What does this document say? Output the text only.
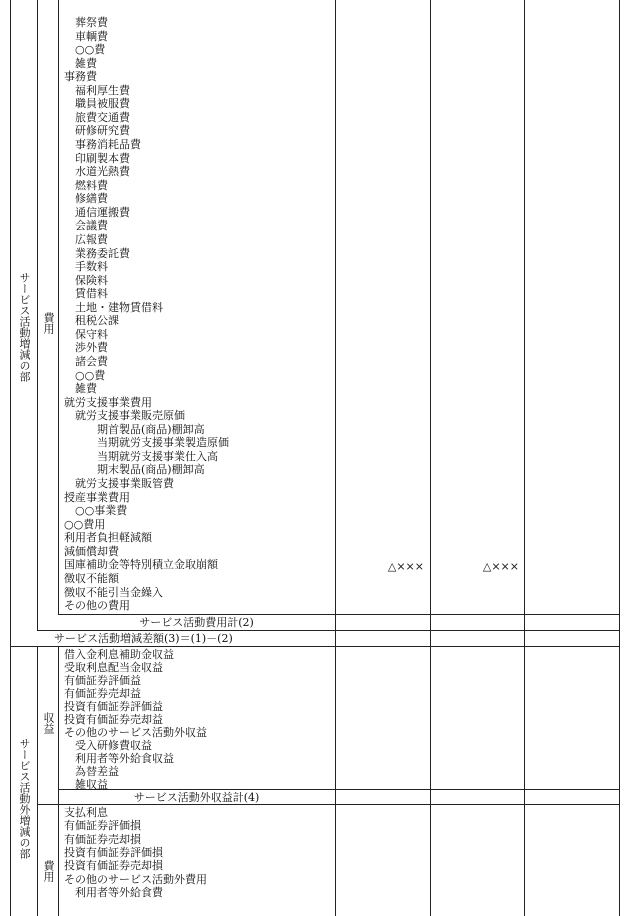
サービス活動増減の部 費用
サービス活動外増減の部
収益
費用
葬祭費
車輌費
○○費
雑費
事務費
福利厚生費
職員被服費
旅費交通費
研修研究費
事務消耗品費
印刷製本費
水道光熱費
燃料費
修繕費
通信運搬費
会議費
広報費
業務委託費
手数料
保険料
賃借料
土地・建物賃借料
租税公課
保守料
渉外費
諸会費
○○費
雑費
就労支援事業費用
就労支援事業販売原価
期首製品(商品)棚卸高
当期就労支援事業製造原価
当期就労支援事業仕入高
期末製品(商品)棚卸高
就労支援事業販管費
授産事業費用
○○事業費
○○費用
利用者負担軽減額
減価償却費
国庫補助金等特別積立金取崩額
徴収不能額
徴収不能引当金繰入
その他の費用
借入金利息補助金収益
受取利息配当金収益
有価証券評価益
有価証券売却益
投資有価証券評価益
投資有価証券売却益
その他のサービス活動外収益
受入研修費収益
利用者等外給食収益
為替差益
雑収益
支払利息
有価証券評価損
有価証券売却損
投資有価証券評価損
投資有価証券売却損
その他のサービス活動外費用
利用者等外給食費
△×××	△×××
サービス活動費用計(2)
サービス活動増減差額(3)＝(1)－(2)
サービス活動外収益計(4)
